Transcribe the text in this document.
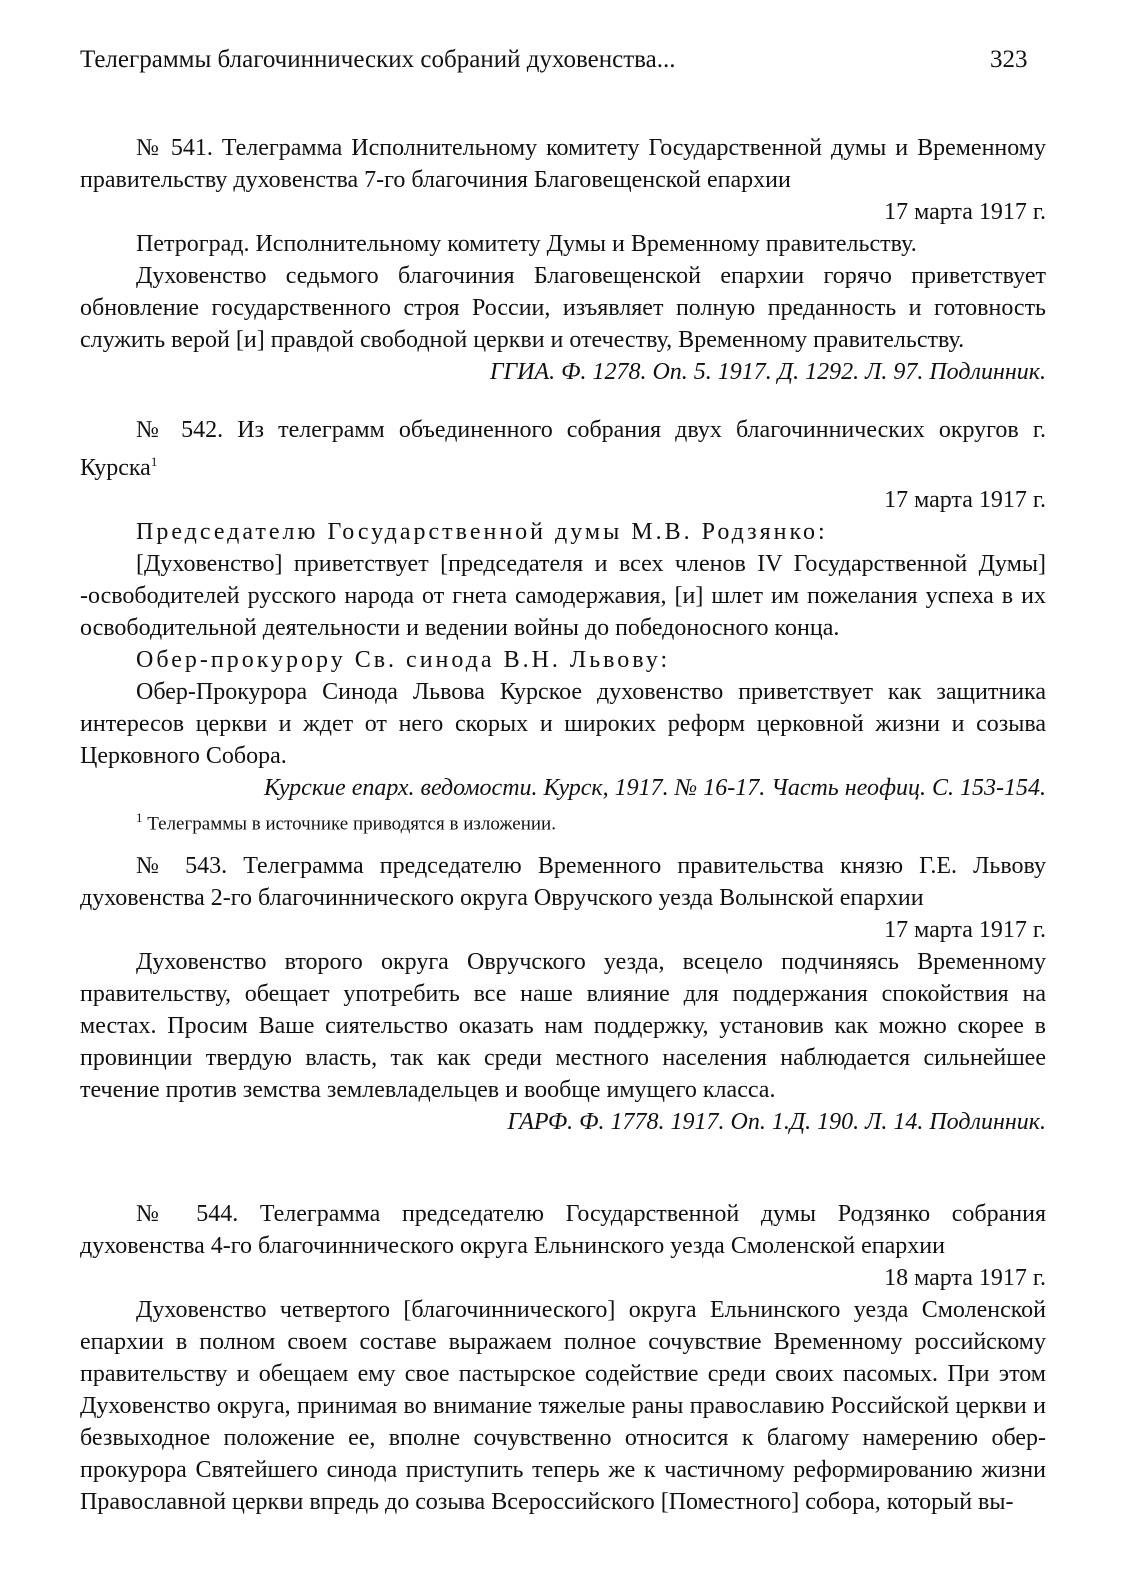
Телеграммы благочиннических собраний духовенства...	323

№ 541. Телеграмма Исполнительному комитету Государственной думы и Временному правительству духовенства 7-го благочиния Благовещенской епархии

17 марта 1917 г.

Петроград. Исполнительному комитету Думы и Временному правительству.

Духовенство седьмого благочиния Благовещенской епархии горячо приветствует обновление государственного строя России, изъявляет полную преданность и готовность служить верой [и] правдой свободной церкви и отечеству, Временному правительству.

ГГИА. Ф. 1278. Оп. 5. 1917. Д. 1292. Л. 97. Подлинник.

№ 542. Из телеграмм объединенного собрания двух благочиннических округов г. Курска$^1$

17 марта 1917 г.

Председателю Государственной думы М.В. Родзянко:

[Духовенство] приветствует [председателя и всех членов IV Государственной Думы] -освободителей русского народа от гнета самодержавия, [и] шлет им пожелания успеха в их освободительной деятельности и ведении войны до победоносного конца.

Обер-прокурору Св. синода В.Н. Львову:

Обер-Прокурора Синода Львова Курское духовенство приветствует как защитника интересов церкви и ждет от него скорых и широких реформ церковной жизни и созыва Церковного Собора.

Курские епарх. ведомости. Курск, 1917. № 16-17. Часть неофиц. С. 153-154.

$^1$ Телеграммы в источнике приводятся в изложении.

№ 543. Телеграмма председателю Временного правительства князю Г.Е. Львову духовенства 2-го благочиннического округа Овручского уезда Волынской епархии

17 марта 1917 г.

Духовенство второго округа Овручского уезда, всецело подчиняясь Временному правительству, обещает употребить все наше влияние для поддержания спокойствия на местах. Просим Ваше сиятельство оказать нам поддержку, установив как можно скорее в провинции твердую власть, так как среди местного населения наблюдается сильнейшее течение против земства землевладельцев и вообще имущего класса.

ГАРФ. Ф. 1778. 1917. Оп. 1.Д. 190. Л. 14. Подлинник.

№ 544. Телеграмма председателю Государственной думы Родзянко собрания духовенства 4-го благочиннического округа Ельнинского уезда Смоленской епархии

18 марта 1917 г.

Духовенство четвертого [благочиннического] округа Ельнинского уезда Смоленской епархии в полном своем составе выражаем полное сочувствие Временному российскому правительству и обещаем ему свое пастырское содействие среди своих пасомых. При этом Духовенство округа, принимая во внимание тяжелые раны православию Российской церкви и безвыходное положение ее, вполне сочувственно относится к благому намерению обер-прокурора Святейшего синода приступить теперь же к частичному реформированию жизни Православной церкви впредь до созыва Всероссийского [Поместного] собора, который вы-
